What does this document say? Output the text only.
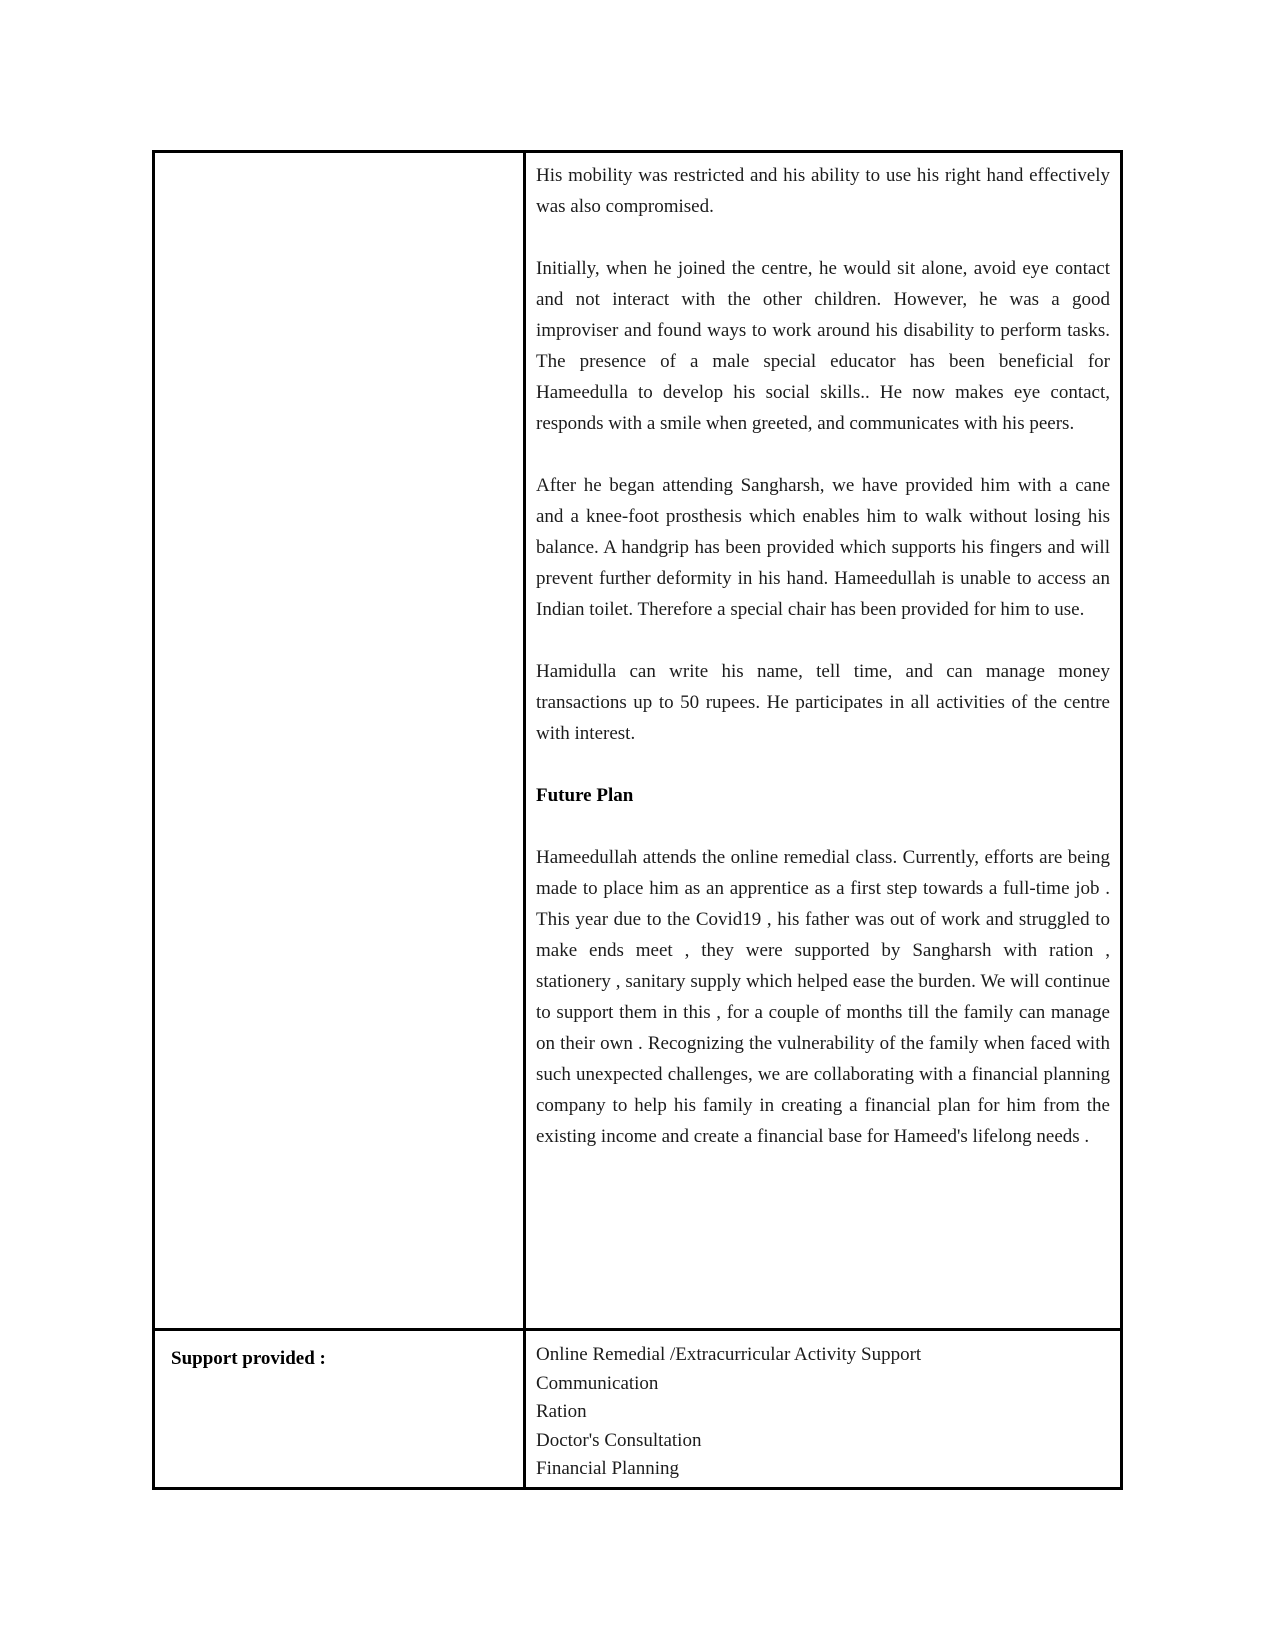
His mobility was restricted and his ability to use his right hand effectively was also compromised.

Initially, when he joined the centre, he would sit alone, avoid eye contact and not interact with the other children. However, he was a good improviser and found ways to work around his disability to perform tasks. The presence of a male special educator has been beneficial for Hameedulla to develop his social skills.. He now makes eye contact, responds with a smile when greeted, and communicates with his peers.

After he began attending Sangharsh, we have provided him with a cane and a knee-foot prosthesis which enables him to walk without losing his balance. A handgrip has been provided which supports his fingers and will prevent further deformity in his hand. Hameedullah is unable to access an Indian toilet. Therefore a special chair has been provided for him to use.

Hamidulla can write his name, tell time, and can manage money transactions up to 50 rupees. He participates in all activities of the centre with interest.

Future Plan

Hameedullah attends the online remedial class. Currently, efforts are being made to place him as an apprentice as a first step towards a full-time job . This year due to the Covid19 , his father was out of work and struggled to make ends meet , they were supported by Sangharsh with ration , stationery , sanitary supply which helped ease the burden. We will continue to support them in this , for a couple of months till the family can manage on their own . Recognizing the vulnerability of the family when faced with such unexpected challenges, we are collaborating with a financial planning company to help his family in creating a financial plan for him from the existing income and create a financial base for Hameed's lifelong needs .

Support provided :	Online Remedial /Extracurricular Activity Support
Communication
Ration
Doctor's Consultation
Financial Planning
